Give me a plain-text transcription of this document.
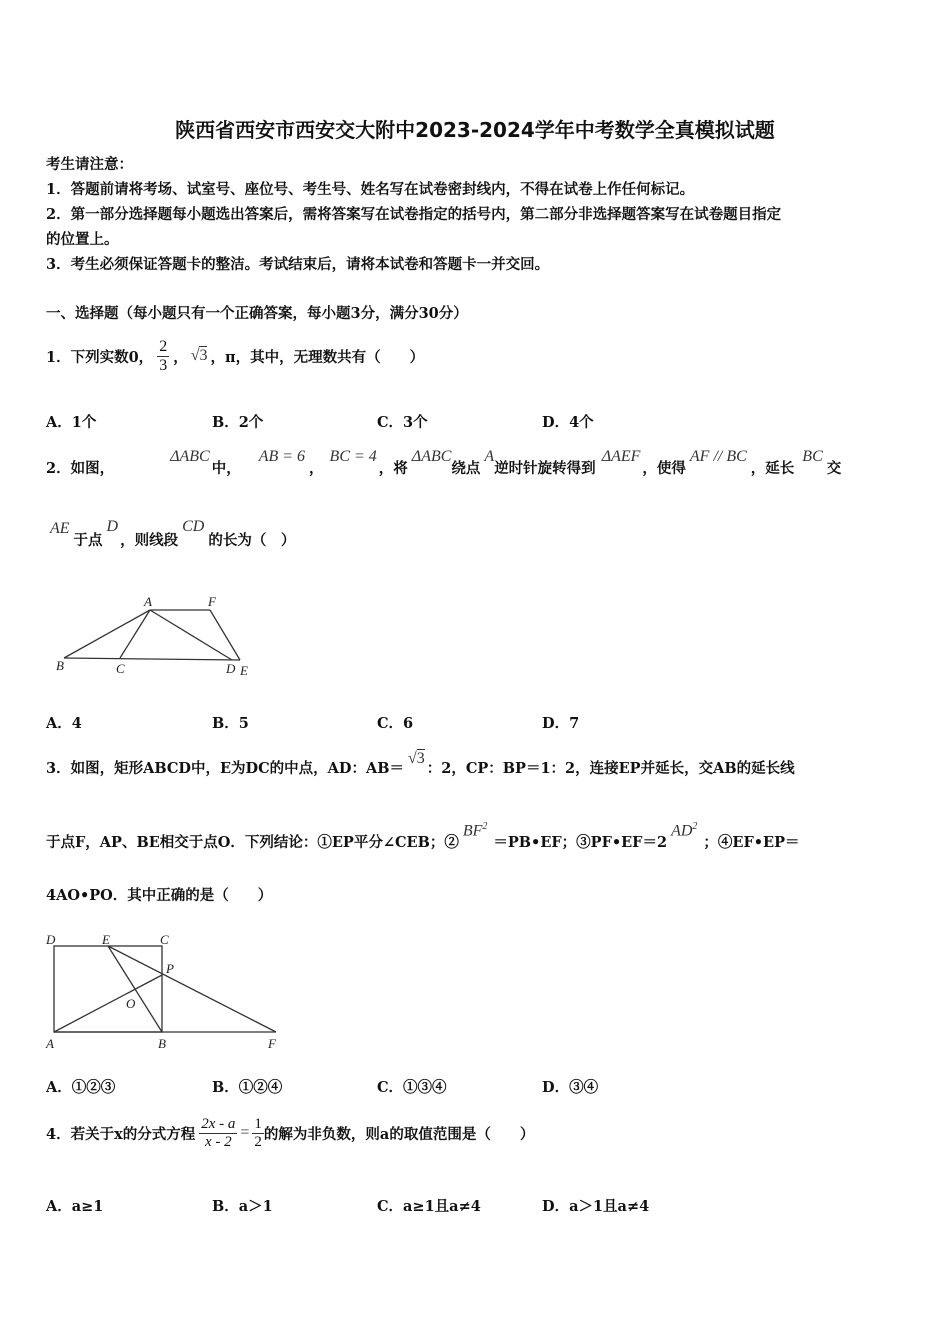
陕西省西安市西安交大附中2023-2024学年中考数学全真模拟试题
考生请注意：
1．答题前请将考场、试室号、座位号、考生号、姓名写在试卷密封线内，不得在试卷上作任何标记。
2．第一部分选择题每小题选出答案后，需将答案写在试卷指定的括号内，第二部分非选择题答案写在试卷题目指定
的位置上。
3．考生必须保证答题卡的整洁。考试结束后，请将本试卷和答题卡一并交回。
一、选择题（每小题只有一个正确答案，每小题3分，满分30分）
1．下列实数0， $\frac{2}{3}$ ， √3 ，π，其中，无理数共有（　　）
A．1个	B．2个	C．3个	D．4个
2．如图，
ΔABC
中，
AB = 6
，
BC = 4
，将
ΔABC
绕点
A
逆时针旋转得到
ΔAEF
，使得
AF // BC
，延长
BC
交
AE
于点
D
，则线段
CD
的长为（　）
A	F
B	C	D E
A．4	B．5	C．6	D．7
3．如图，矩形ABCD中，E为DC的中点，AD：AB＝
√3
：2，CP：BP＝1：2，连接EP并延长，交AB的延长线
于点F，AP、BE相交于点O．下列结论：①EP平分∠CEB；②
$BF^2$
＝PB•EF；③PF•EF＝2
$AD^2$
；④EF•EP＝
4AO•PO．其中正确的是（　　）
D	E	C
P
O
A	B	F
A．①②③	B．①②④	C．①③④	D．③④
4．若关于x的分式方程 $\frac{2x - a}{x - 2} = \frac{1}{2}$ 的解为非负数，则a的取值范围是（　　）
A．a≥1	B．a＞1	C．a≥1且a≠4	D．a＞1且a≠4
